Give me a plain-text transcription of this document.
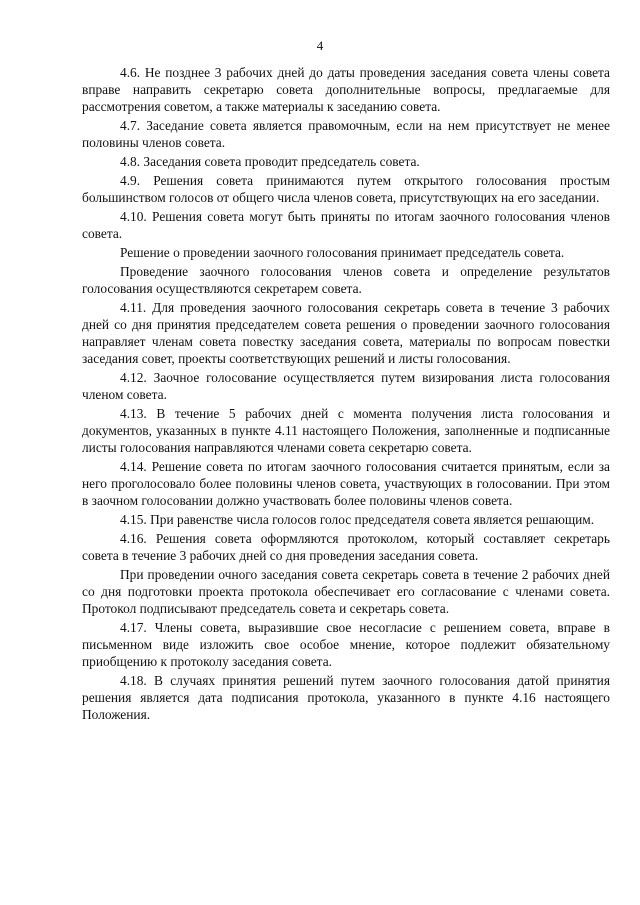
4

4.6. Не позднее 3 рабочих дней до даты проведения заседания совета члены совета вправе направить секретарю совета дополнительные вопросы, предлагаемые для рассмотрения советом, а также материалы к заседанию совета.

4.7. Заседание совета является правомочным, если на нем присутствует не менее половины членов совета.

4.8. Заседания совета проводит председатель совета.

4.9. Решения совета принимаются путем открытого голосования простым большинством голосов от общего числа членов совета, присутствующих на его заседании.

4.10. Решения совета могут быть приняты по итогам заочного голосования членов совета.

Решение о проведении заочного голосования принимает председатель совета.

Проведение заочного голосования членов совета и определение результатов голосования осуществляются секретарем совета.

4.11. Для проведения заочного голосования секретарь совета в течение 3 рабочих дней со дня принятия председателем совета решения о проведении заочного голосования направляет членам совета повестку заседания совета, материалы по вопросам повестки заседания совет, проекты соответствующих решений и листы голосования.

4.12. Заочное голосование осуществляется путем визирования листа голосования членом совета.

4.13. В течение 5 рабочих дней с момента получения листа голосования и документов, указанных в пункте 4.11 настоящего Положения, заполненные и подписанные листы голосования направляются членами совета секретарю совета.

4.14. Решение совета по итогам заочного голосования считается принятым, если за него проголосовало более половины членов совета, участвующих в голосовании. При этом в заочном голосовании должно участвовать более половины членов совета.

4.15. При равенстве числа голосов голос председателя совета является решающим.

4.16. Решения совета оформляются протоколом, который составляет секретарь совета в течение 3 рабочих дней со дня проведения заседания совета.

При проведении очного заседания совета секретарь совета в течение 2 рабочих дней со дня подготовки проекта протокола обеспечивает его согласование с членами совета. Протокол подписывают председатель совета и секретарь совета.

4.17. Члены совета, выразившие свое несогласие с решением совета, вправе в письменном виде изложить свое особое мнение, которое подлежит обязательному приобщению к протоколу заседания совета.

4.18. В случаях принятия решений путем заочного голосования датой принятия решения является дата подписания протокола, указанного в пункте 4.16 настоящего Положения.
